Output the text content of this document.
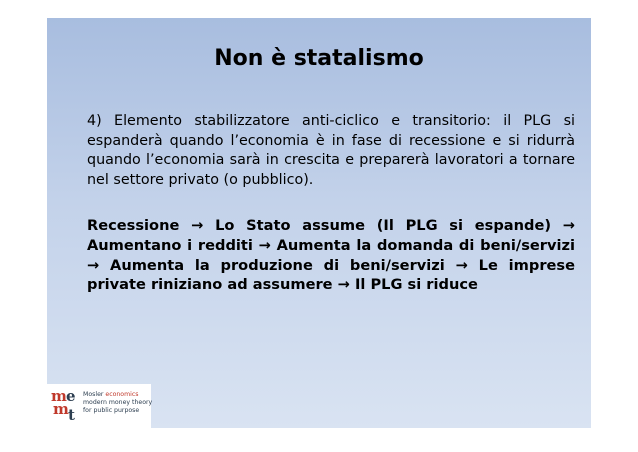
Non è statalismo

4) Elemento stabilizzatore anti-ciclico e transitorio: il PLG si espanderà quando l’economia è in fase di recessione e si ridurrà quando l’economia sarà in crescita e preparerà lavoratori a tornare nel settore privato (o pubblico).

Recessione → Lo Stato assume (Il PLG si espande) → Aumentano i redditi → Aumenta la domanda di beni/servizi → Aumenta la produzione di beni/servizi → Le imprese private riniziano ad assumere → Il PLG si riduce

m e
m t
Mosler economics
modern money theory
for public purpose
